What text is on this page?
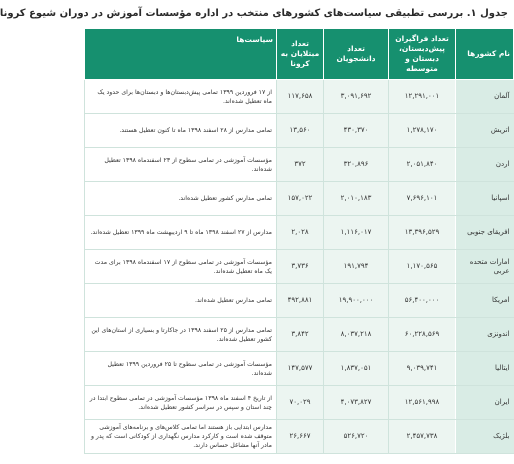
جدول ۱. بررسی تطبیقی سیاست‌های کشورهای منتخب در اداره مؤسسات آموزش در دوران شیوع کرونا
نام کشورها	تعداد فراگیران پیش‌دبستان، دبستان و متوسطه	تعداد دانشجویان	تعداد مبتلایان به کرونا	سیاست‌ها
آلمان	۱۲,۲۹۱,۰۰۱	۳,۰۹۱,۶۹۲	۱۱۷,۶۵۸	از ۱۷ فروردین ۱۳۹۹ تمامی پیش‌دبستان‌ها و دبستان‌ها برای حدود یک ماه تعطیل شده‌اند.
اتریش	۱,۲۷۸,۱۷۰	۴۳۰,۳۷۰	۱۳,۵۶۰	تمامی مدارس از ۲۸ اسفند ۱۳۹۸ ماه تا کنون تعطیل هستند.
اردن	۲,۰۵۱,۸۴۰	۳۲۰,۸۹۶	۳۷۲	مؤسسات آموزشی در تمامی سطوح از ۲۳ اسفندماه ۱۳۹۸ تعطیل شده‌اند.
اسپانیا	۷,۶۹۶,۱۰۱	۲,۰۱۰,۱۸۳	۱۵۷,۰۲۲	تمامی مدارس کشور تعطیل شده‌اند.
افریقای جنوبی	۱۳,۳۹۶,۵۲۹	۱,۱۱۶,۰۱۷	۲,۰۲۸	مدارس از ۲۷ اسفند ۱۳۹۸ ماه تا ۹ اردیبهشت ماه ۱۳۹۹ تعطیل شده‌اند.
امارات متحده عربی	۱,۱۷۰,۵۶۵	۱۹۱,۷۹۴	۳,۷۳۶	مؤسسات آموزشی در تمامی سطوح از ۱۷ اسفندماه ۱۳۹۸ برای مدت یک ماه تعطیل شده‌اند.
امریکا	۵۶,۴۰۰,۰۰۰	۱۹,۹۰۰,۰۰۰	۴۹۲,۸۸۱	تمامی مدارس تعطیل شده‌اند.
اندونزی	۶۰,۲۲۸,۵۶۹	۸,۰۳۷,۲۱۸	۳,۸۴۲	تمامی مدارس از ۲۵ اسفند ۱۳۹۸ در جاکارتا و بسیاری از استان‌های این کشور تعطیل شده‌اند.
ایتالیا	۹,۰۳۹,۷۴۱	۱,۸۳۷,۰۵۱	۱۴۷,۵۷۷	مؤسسات آموزشی در تمامی سطوح تا ۲۵ فروردین ۱۳۹۹ تعطیل شده‌اند.
ایران	۱۲,۵۶۱,۹۹۸	۴,۰۷۳,۸۲۷	۷۰,۰۲۹	از تاریخ ۴ اسفند ماه ۱۳۹۸ مؤسسات آموزشی در تمامی سطوح ابتدا در چند استان و سپس در سراسر کشور تعطیل شده‌اند.
بلژیک	۲,۴۵۷,۷۳۸	۵۲۶,۷۲۰	۲۶,۶۶۷	مدارس ابتدایی باز هستند اما تمامی کلاس‌های و برنامه‌های آموزشی متوقف شده است و کارکرد مدارس نگهداری از کودکانی است که پدر و مادر آنها مشاغل حساس دارند.
